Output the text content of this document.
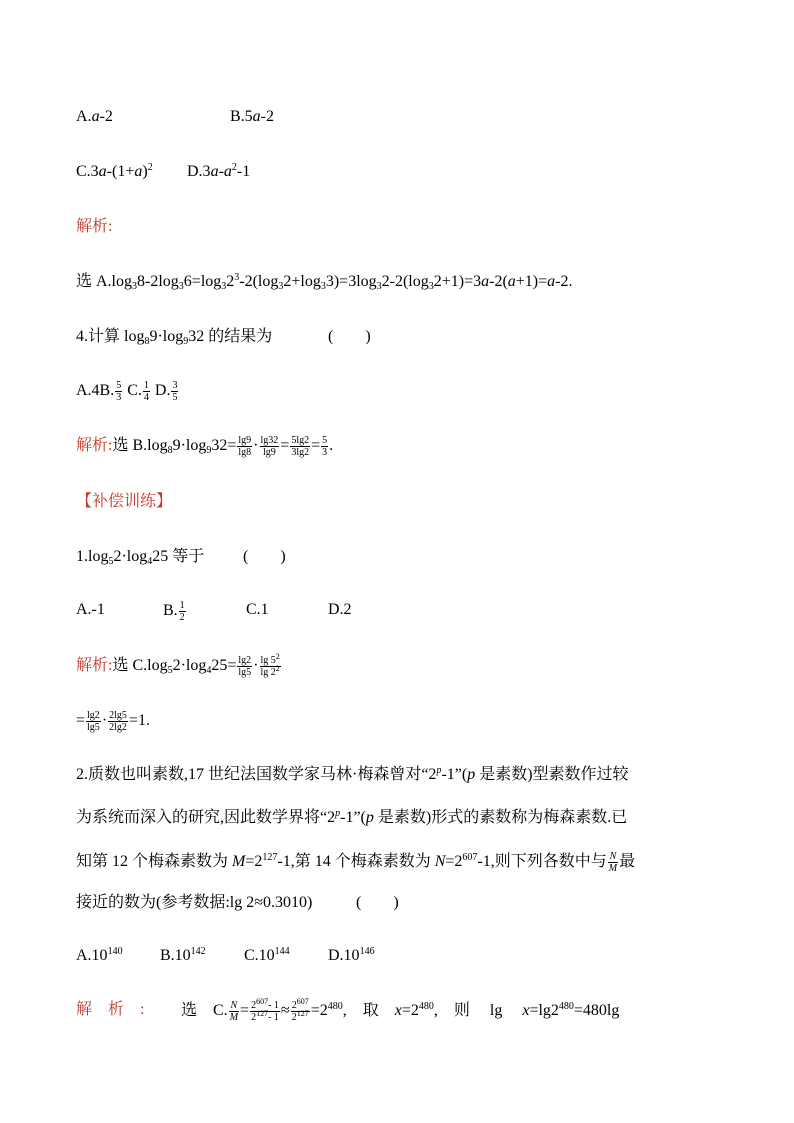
A.a-2	B.5a-2
$C.3a-(1+a)^2$ $D.3a-a^2-1$
解析:
选 $A.\log_38-2\log_36=\log_32^3-2(\log_32+\log_33)=3\log_32-2(\log_32+1)=3a-2(a+1)=a-2$.
4.计算 $\log_89\cdot\log_932$ 的结果为	(　　)
A.4B. $\frac{5}{3} C$. $\frac{1}{4} D$. $\frac{3}{5}$
解析:选 $B.\log_89\cdot\log_932= \frac{\lg 9}{\lg 8} \cdot \frac{\lg 32}{\lg 9} = \frac{5\lg 2}{3\lg 2} = \frac{5}{3}$ .
【补偿训练】
$1.\log_52\cdot\log_425$ 等于 (　　)
A.-1	B. $\frac{1}{2}$	C.1	D.2
解析:选 $C.\log_52\cdot\log_425= \frac{\lg 2}{\lg 5} \cdot \frac{\lg 5^2}{\lg 2^2}$
= $\frac{\lg 2}{\lg 5} \cdot \frac{2\lg 5}{2\lg 2} =1$.
2.质数也叫素数,17 世纪法国数学家马林·梅森曾对“2$^p$-1”(p 是素数)型素数作过较
为系统而深入的研究,因此数学界将“2$^p$-1”(p 是素数)形式的素数称为梅森素数.已
知第 12 个梅森素数为 $M=2^{127}-1$,第 14 个梅森素数为 $N=2^{607}-1$,则下列各数中与 $\frac{N}{M}$ 最
接近的数为(参考数据:lg 2≈0.3010)	(　　)
$A.10^{140}$ $B.10^{142}$ $C.10^{144}$ $D.10^{146}$
解　析　: 选    C. $\frac{N}{M} = \frac{2^{607}- 1}{2^{127}- 1} \approx \frac{2^{607}}{2^{127}} =2^{480}$,    取    $x=2^{480}$,    则     lg     $x=\lg 2^{480}=480\lg$
